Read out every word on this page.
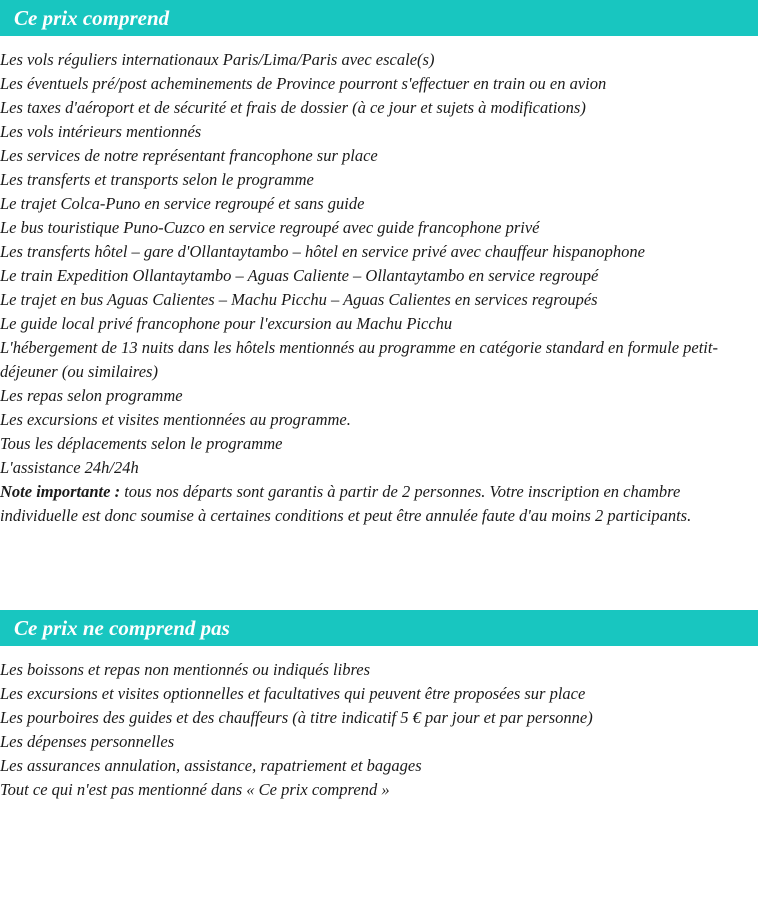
Ce prix comprend

Les vols réguliers internationaux Paris/Lima/Paris avec escale(s)

Les éventuels pré/post acheminements de Province pourront s'effectuer en train ou en avion

Les taxes d'aéroport et de sécurité et frais de dossier (à ce jour et sujets à modifications)

Les vols intérieurs mentionnés

Les services de notre représentant francophone sur place

Les transferts et transports selon le programme

Le trajet Colca-Puno en service regroupé et sans guide

Le bus touristique Puno-Cuzco en service regroupé avec guide francophone privé

Les transferts hôtel – gare d'Ollantaytambo – hôtel en service privé avec chauffeur hispanophone

Le train Expedition Ollantaytambo – Aguas Caliente – Ollantaytambo en service regroupé

Le trajet en bus Aguas Calientes – Machu Picchu – Aguas Calientes en services regroupés

Le guide local privé francophone pour l'excursion au Machu Picchu

L'hébergement de 13 nuits dans les hôtels mentionnés au programme en catégorie standard en formule petit-déjeuner (ou similaires)

Les repas selon programme

Les excursions et visites mentionnées au programme.

Tous les déplacements selon le programme

L'assistance 24h/24h

Note importante : tous nos départs sont garantis à partir de 2 personnes. Votre inscription en chambre individuelle est donc soumise à certaines conditions et peut être annulée faute d'au moins 2 participants.

Ce prix ne comprend pas

Les boissons et repas non mentionnés ou indiqués libres

Les excursions et visites optionnelles et facultatives qui peuvent être proposées sur place

Les pourboires des guides et des chauffeurs (à titre indicatif 5 € par jour et par personne)

Les dépenses personnelles

Les assurances annulation, assistance, rapatriement et bagages

Tout ce qui n'est pas mentionné dans « Ce prix comprend »
